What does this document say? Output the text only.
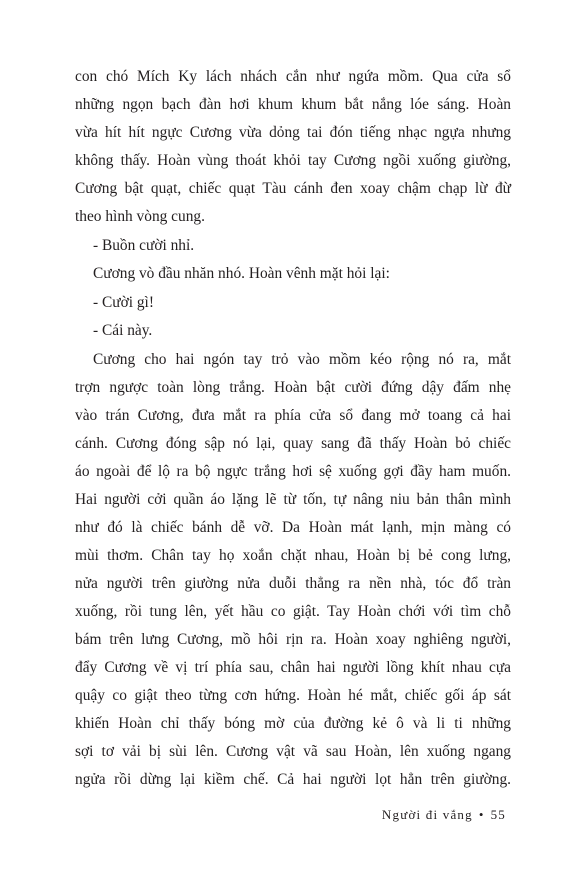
con chó Mích Ky lách nhách cắn như ngứa mồm. Qua cửa sổ
những ngọn bạch đàn hơi khum khum bắt nắng lóe sáng. Hoàn
vừa hít hít ngực Cương vừa dỏng tai đón tiếng nhạc ngựa nhưng
không thấy. Hoàn vùng thoát khỏi tay Cương ngồi xuống giường,
Cương bật quạt, chiếc quạt Tàu cánh đen xoay chậm chạp lừ đừ
theo hình vòng cung.
- Buồn cười nhỉ.
Cương vò đầu nhăn nhó. Hoàn vênh mặt hỏi lại:
- Cười gì!
- Cái này.
Cương cho hai ngón tay trỏ vào mồm kéo rộng nó ra, mắt
trợn ngược toàn lòng trắng. Hoàn bật cười đứng dậy đấm nhẹ
vào trán Cương, đưa mắt ra phía cửa sổ đang mở toang cả hai
cánh. Cương đóng sập nó lại, quay sang đã thấy Hoàn bỏ chiếc
áo ngoài để lộ ra bộ ngực trắng hơi sệ xuống gợi đầy ham muốn.
Hai người cởi quần áo lặng lẽ từ tốn, tự nâng niu bản thân mình
như đó là chiếc bánh dễ vỡ. Da Hoàn mát lạnh, mịn màng có
mùi thơm. Chân tay họ xoắn chặt nhau, Hoàn bị bẻ cong lưng,
nửa người trên giường nửa duỗi thẳng ra nền nhà, tóc đổ tràn
xuống, rồi tung lên, yết hầu co giật. Tay Hoàn chới với tìm chỗ
bám trên lưng Cương, mồ hôi rịn ra. Hoàn xoay nghiêng người,
đẩy Cương về vị trí phía sau, chân hai người lồng khít nhau cựa
quậy co giật theo từng cơn hứng. Hoàn hé mắt, chiếc gối áp sát
khiến Hoàn chỉ thấy bóng mờ của đường kẻ ô và li ti những
sợi tơ vải bị sùi lên. Cương vật vã sau Hoàn, lên xuống ngang
ngửa rồi dừng lại kiềm chế. Cả hai người lọt hẳn trên giường.
Người đi vắng • 55
